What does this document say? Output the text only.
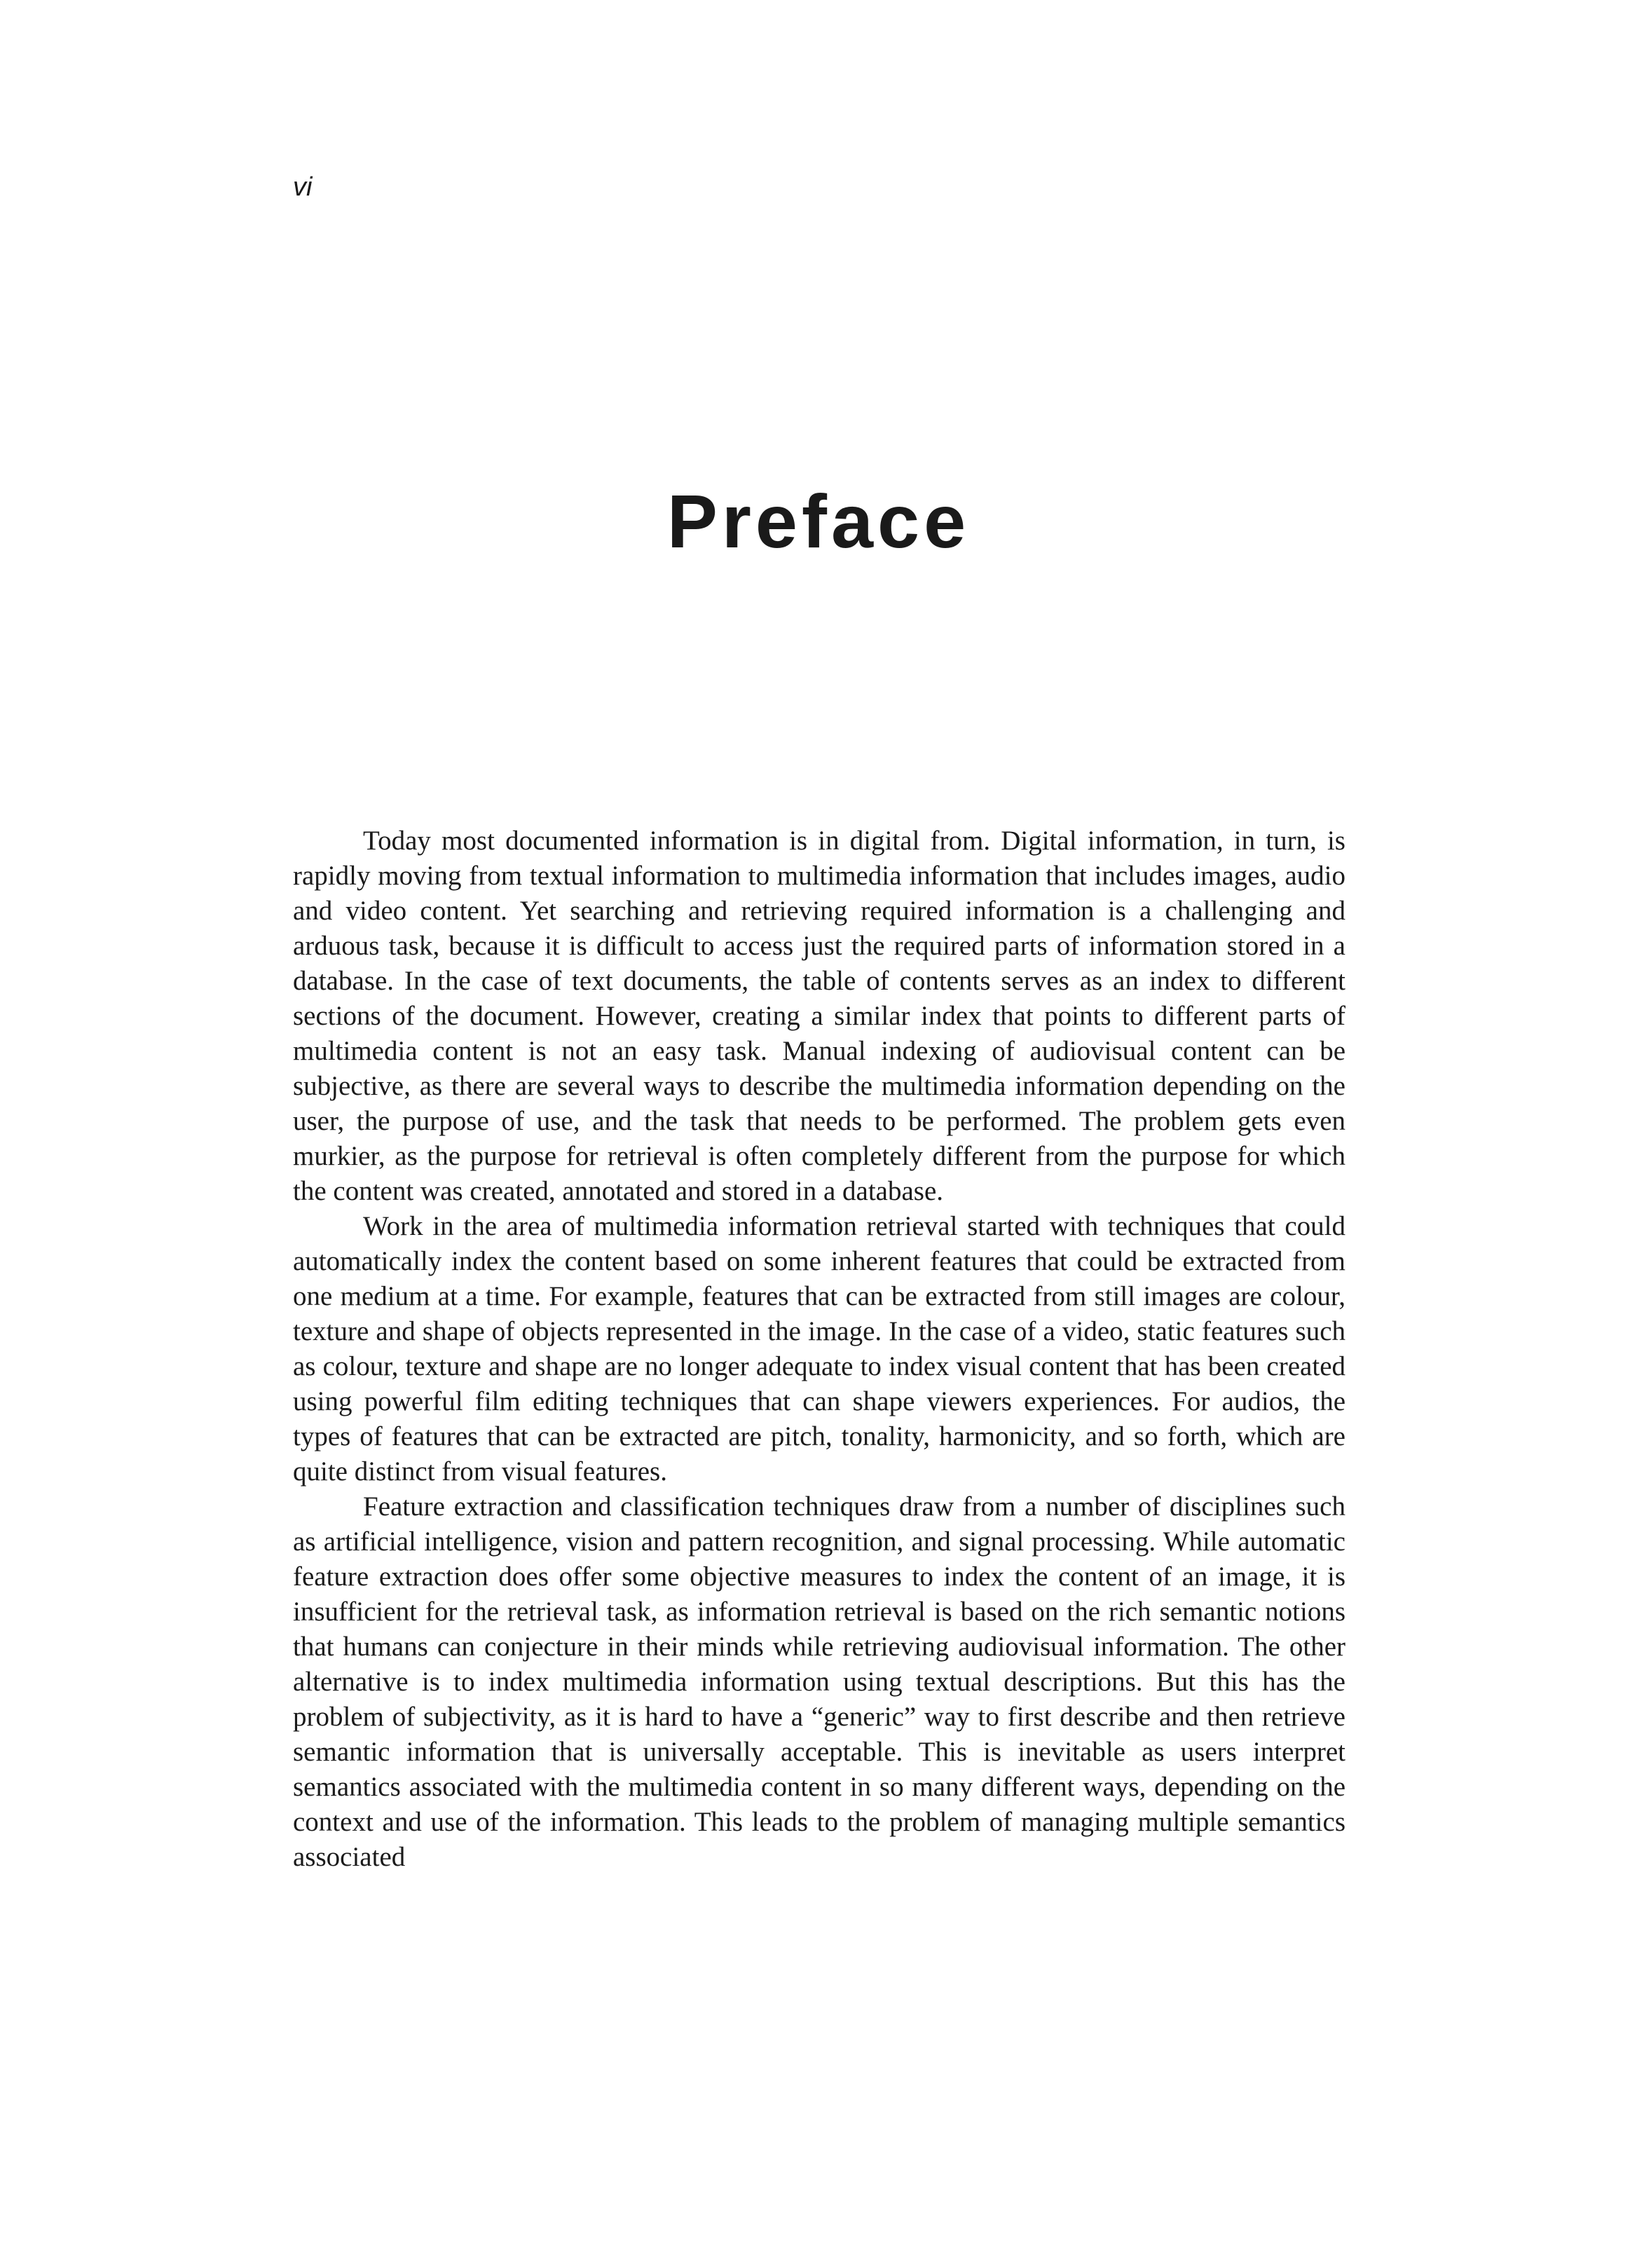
vi
Preface

Today most documented information is in digital from. Digital information, in turn, is rapidly moving from textual information to multimedia information that includes images, audio and video content. Yet searching and retrieving required information is a challenging and arduous task, because it is difficult to access just the required parts of information stored in a database. In the case of text documents, the table of contents serves as an index to different sections of the document. However, creating a similar index that points to different parts of multimedia content is not an easy task. Manual indexing of audiovisual content can be subjective, as there are several ways to describe the multimedia information depending on the user, the purpose of use, and the task that needs to be performed. The problem gets even murkier, as the purpose for retrieval is often completely different from the purpose for which the content was created, annotated and stored in a database.

Work in the area of multimedia information retrieval started with techniques that could automatically index the content based on some inherent features that could be extracted from one medium at a time. For example, features that can be extracted from still images are colour, texture and shape of objects represented in the image. In the case of a video, static features such as colour, texture and shape are no longer adequate to index visual content that has been created using powerful film editing techniques that can shape viewers experiences. For audios, the types of features that can be extracted are pitch, tonality, harmonicity, and so forth, which are quite distinct from visual features.

Feature extraction and classification techniques draw from a number of disciplines such as artificial intelligence, vision and pattern recognition, and signal processing. While automatic feature extraction does offer some objective measures to index the content of an image, it is insufficient for the retrieval task, as information retrieval is based on the rich semantic notions that humans can conjecture in their minds while retrieving audiovisual information. The other alternative is to index multimedia information using textual descriptions. But this has the problem of subjectivity, as it is hard to have a “generic” way to first describe and then retrieve semantic information that is universally acceptable. This is inevitable as users interpret semantics associated with the multimedia content in so many different ways, depending on the context and use of the information. This leads to the problem of managing multiple semantics associated
